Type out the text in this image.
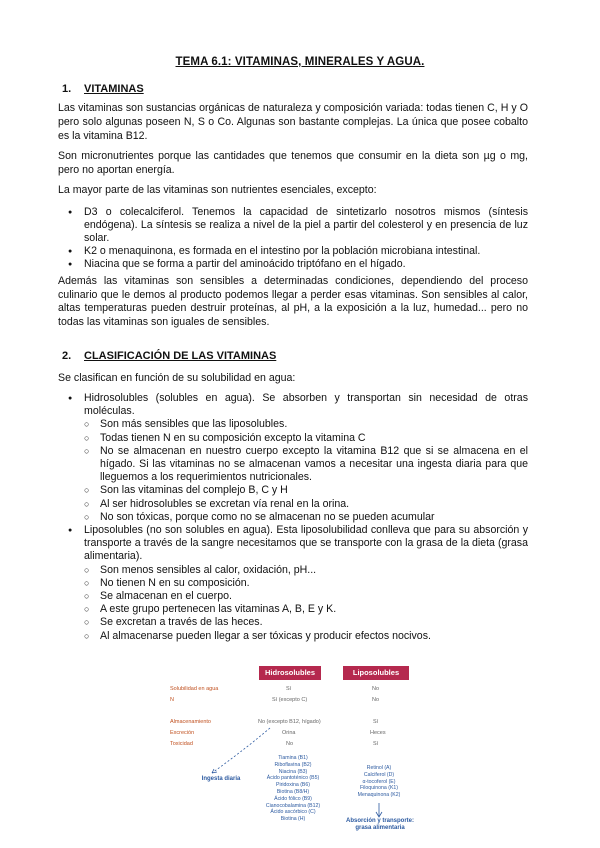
TEMA 6.1: VITAMINAS, MINERALES Y AGUA.
1. VITAMINAS
Las vitaminas son sustancias orgánicas de naturaleza y composición variada: todas tienen C, H y O pero solo algunas poseen N, S o Co. Algunas son bastante complejas. La única que posee cobalto es la vitamina B12.
Son micronutrientes porque las cantidades que tenemos que consumir en la dieta son µg o mg, pero no aportan energía.
La mayor parte de las vitaminas son nutrientes esenciales, excepto:
● D3 o colecalciferol. Tenemos la capacidad de sintetizarlo nosotros mismos (síntesis endógena). La síntesis se realiza a nivel de la piel a partir del colesterol y en presencia de luz solar.
● K2 o menaquinona, es formada en el intestino por la población microbiana intestinal.
● Niacina que se forma a partir del aminoácido triptófano en el hígado.
Además las vitaminas son sensibles a determinadas condiciones, dependiendo del proceso culinario que le demos al producto podemos llegar a perder esas vitaminas. Son sensibles al calor, altas temperaturas pueden destruir proteínas, al pH, a la exposición a la luz, humedad... pero no todas las vitaminas son iguales de sensibles.
2. CLASIFICACIÓN DE LAS VITAMINAS
Se clasifican en función de su solubilidad en agua:
● Hidrosolubles (solubles en agua). Se absorben y transportan sin necesidad de otras moléculas.
○ Son más sensibles que las liposolubles.
○ Todas tienen N en su composición excepto la vitamina C
○ No se almacenan en nuestro cuerpo excepto la vitamina B12 que si se almacena en el hígado. Si las vitaminas no se almacenan vamos a necesitar una ingesta diaria para que lleguemos a los requerimientos nutricionales.
○ Son las vitaminas del complejo B, C y H
○ Al ser hidrosolubles se excretan vía renal en la orina.
○ No son tóxicas, porque como no se almacenan no se pueden acumular
● Liposolubles (no son solubles en agua). Esta liposolubilidad conlleva que para su absorción y transporte a través de la sangre necesitamos que se transporte con la grasa de la dieta (grasa alimentaria).
○ Son menos sensibles al calor, oxidación, pH...
○ No tienen N en su composición.
○ Se almacenan en el cuerpo.
○ A este grupo pertenecen las vitaminas A, B, E y K.
○ Se excretan a través de las heces.
○ Al almacenarse pueden llegar a ser tóxicas y producir efectos nocivos.
Hidrosolubles	Liposolubles
Solubilidad en agua	Sí	No
N	Sí (excepto C)	No
Almacenamiento	No (excepto B12, hígado)	Sí
Excreción	Orina	Heces
Toxicidad	No	Sí
Tiamina (B1)
Riboflavina (B2)
Niacina (B3)
Ácido pantoténico (B5)
Piridoxina (B6)
Biotina (B8/H)
Ácido fólico (B9)
Cianocobalamina (B12)
Ácido ascórbico (C)
Biotina (H)
Retinol (A)
Calciferol (D)
α-tocoferol (E)
Filoquinona (K1)
Menaquinona (K2)
Ingesta diaria
Absorción y transporte: grasa alimentaria
